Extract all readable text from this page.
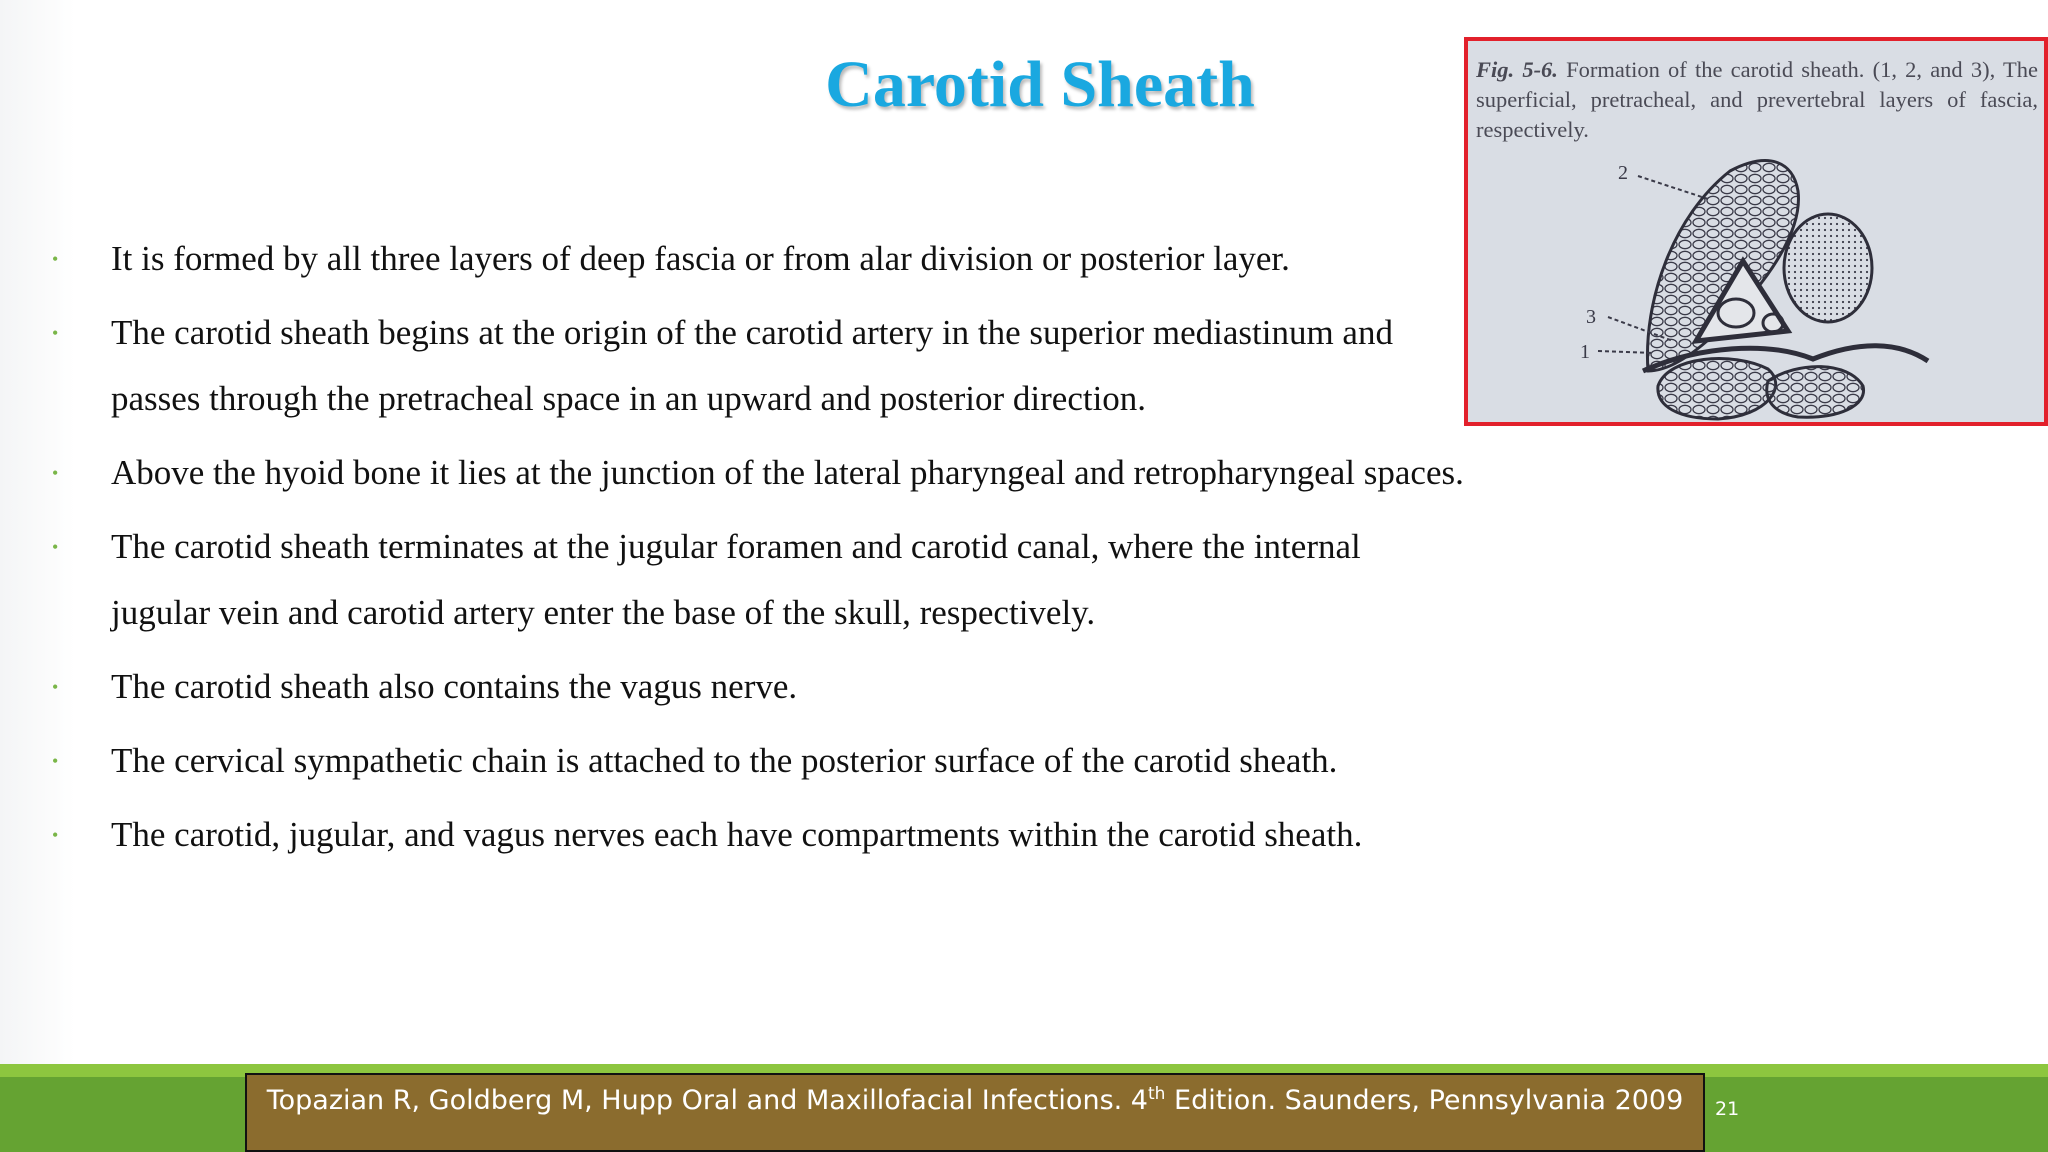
Carotid Sheath
• It is formed by all three layers of deep fascia or from alar division or posterior layer.
• The carotid sheath begins at the origin of the carotid artery in the superior mediastinum and passes through the pretracheal space in an upward and posterior direction.
• Above the hyoid bone it lies at the junction of the lateral pharyngeal and retropharyngeal spaces.
• The carotid sheath terminates at the jugular foramen and carotid canal, where the internal jugular vein and carotid artery enter the base of the skull, respectively.
• The carotid sheath also contains the vagus nerve.
• The cervical sympathetic chain is attached to the posterior surface of the carotid sheath.
• The carotid, jugular, and vagus nerves each have compartments within the carotid sheath.
Fig. 5-6. Formation of the carotid sheath. (1, 2, and 3), The superficial, pretracheal, and prevertebral layers of fascia, respectively.
2
3
1
Topazian R, Goldberg M, Hupp Oral and Maxillofacial Infections. 4th Edition. Saunders, Pennsylvania 2009	21
